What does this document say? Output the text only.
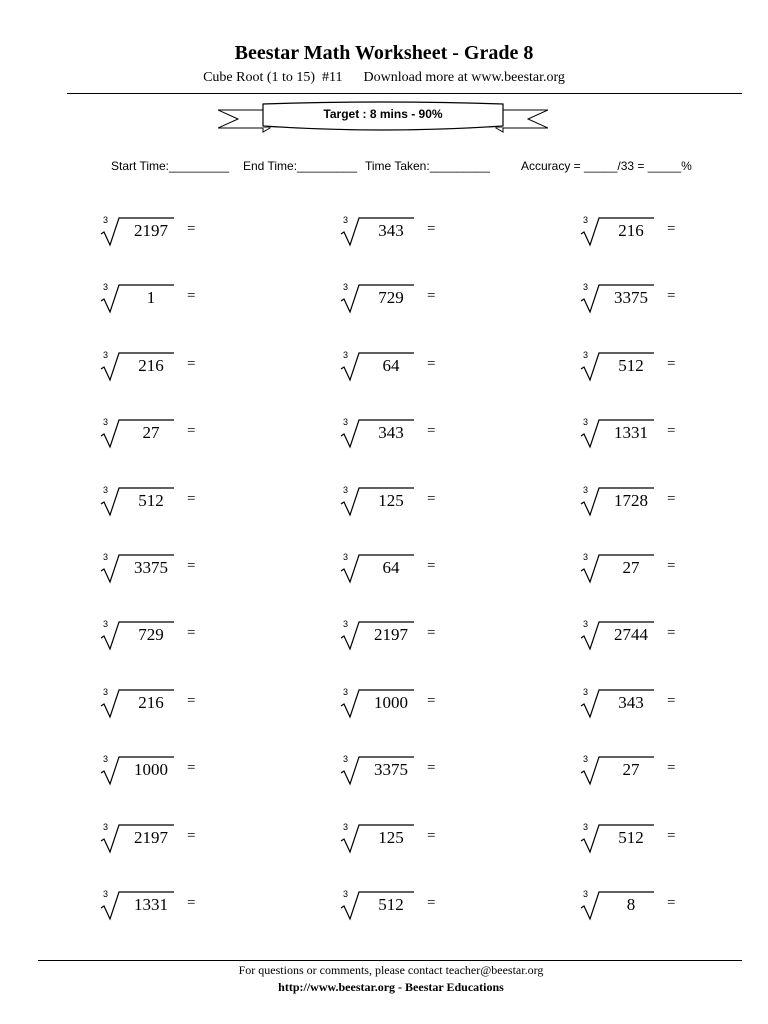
Beestar Math Worksheet - Grade 8
Cube Root (1 to 15)  #11      Download more at www.beestar.org
Target : 8 mins - 90%
Start Time:_________ End Time:_________ Time Taken:_________	Accuracy = _____/33 = _____%
3
2197	=
3
1	=
3
216	=
3
27	=
3
512	=
3
3375	=
3
729	=
3
216	=
3
1000	=
3
2197	=
3
1331	=
3
343	=
3
729	=
3
64	=
3
343	=
3
125	=
3
64	=
3
2197	=
3
1000	=
3
3375	=
3
125	=
3
512	=
3
216	=
3
3375	=
3
512	=
3
1331	=
3
1728	=
3
27	=
3
2744	=
3
343	=
3
27	=
3
512	=
3
8	=
For questions or comments, please contact teacher@beestar.org
http://www.beestar.org - Beestar Educations
